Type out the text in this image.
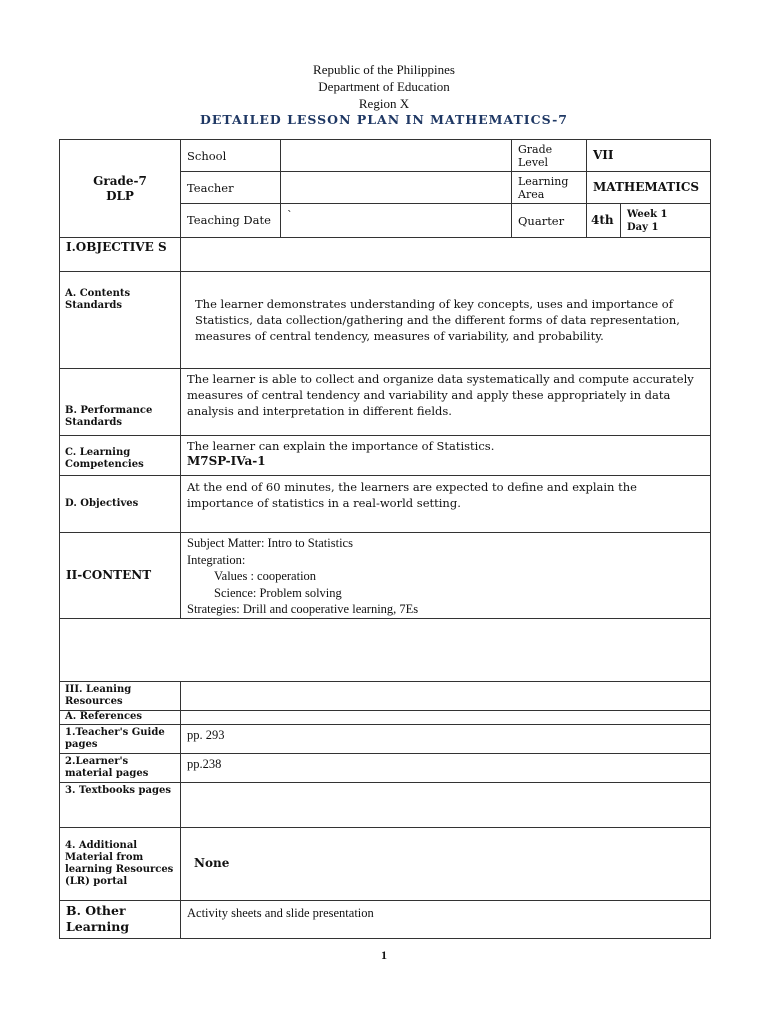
Republic of the Philippines
Department of Education
Region X
DETAILED LESSON PLAN IN MATHEMATICS-7
Grade-7
DLP	School		Grade Level	VII	
	Teacher		Learning Area	MATHEMATICS	
	Teaching Date	`	Quarter	4th	Week 1
Day 1

I.OBJECTIVE S					
A. Contents Standards	The learner demonstrates understanding of key concepts, uses and importance of Statistics, data collection/gathering and the different forms of data representation, measures of central tendency, measures of variability, and probability.				
B. Performance Standards	The learner is able to collect and organize data systematically and compute accurately measures of central tendency and variability and apply these appropriately in data analysis and interpretation in different fields.				
C. Learning Competencies	The learner can explain the importance of Statistics.
M7SP-IVa-1				

D. Objectives	At the end of 60 minutes, the learners are expected to define and explain the importance of statistics in a real-world setting.				
II-CONTENT	Subject Matter: Intro to Statistics
Integration:
Values : cooperation
Science: Problem solving
Strategies: Drill and cooperative learning, 7Es				

III. Leaning Resources					
A. References					
1.Teacher's Guide pages	pp. 293				
2.Learner's material pages	pp.238				
3. Textbooks pages					
4. Additional Material from learning Resources (LR) portal	None				
B. Other Learning	Activity sheets and slide presentation				
1
